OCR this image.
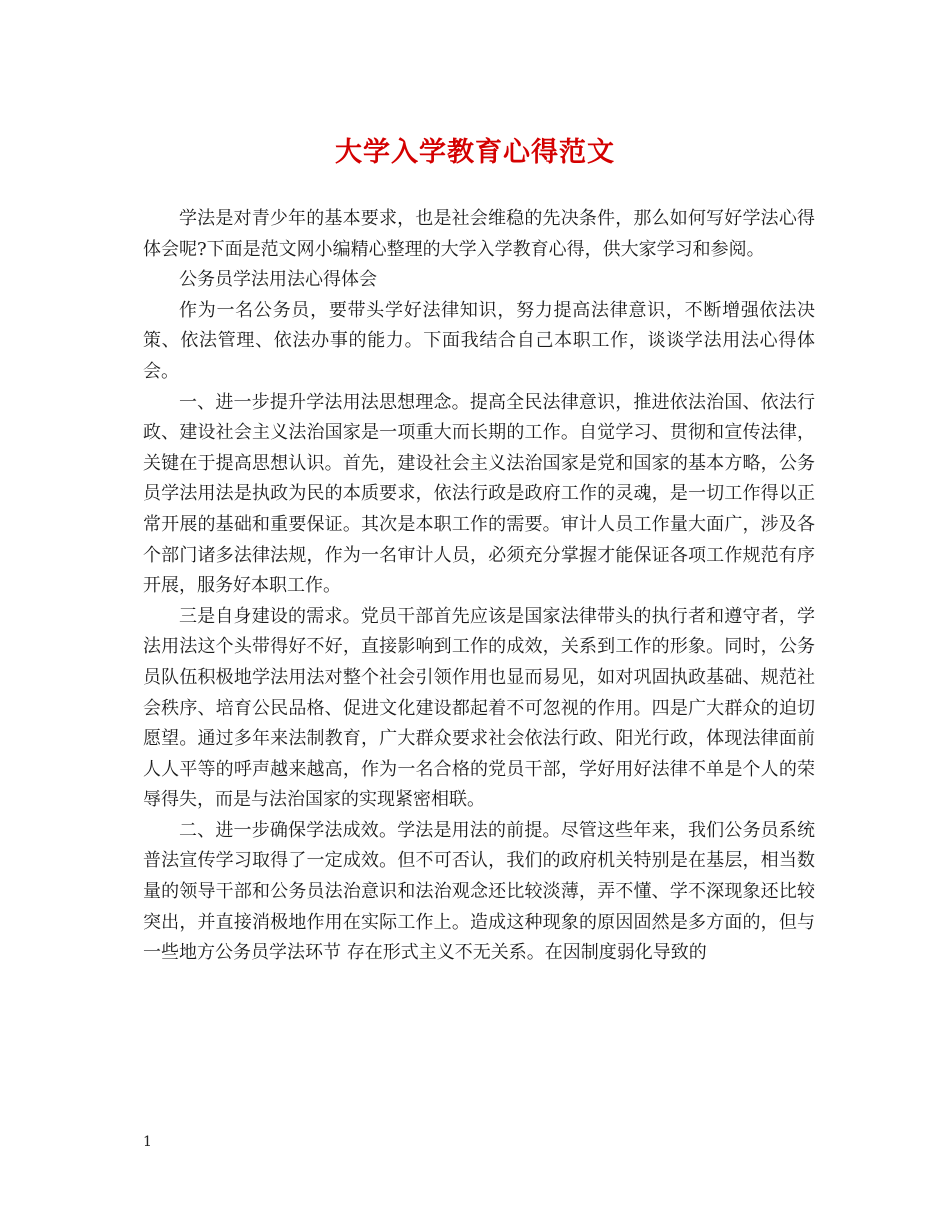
大学入学教育心得范文

学法是对青少年的基本要求，也是社会维稳的先决条件，那么如何写好学法心得体会呢?下面是范文网小编精心整理的大学入学教育心得，供大家学习和参阅。

公务员学法用法心得体会

作为一名公务员，要带头学好法律知识，努力提高法律意识，不断增强依法决策、依法管理、依法办事的能力。下面我结合自己本职工作，谈谈学法用法心得体会。

一、进一步提升学法用法思想理念。提高全民法律意识，推进依法治国、依法行政、建设社会主义法治国家是一项重大而长期的工作。自觉学习、贯彻和宣传法律，关键在于提高思想认识。首先，建设社会主义法治国家是党和国家的基本方略，公务员学法用法是执政为民的本质要求，依法行政是政府工作的灵魂，是一切工作得以正常开展的基础和重要保证。其次是本职工作的需要。审计人员工作量大面广，涉及各个部门诸多法律法规，作为一名审计人员，必须充分掌握才能保证各项工作规范有序开展，服务好本职工作。

三是自身建设的需求。党员干部首先应该是国家法律带头的执行者和遵守者，学法用法这个头带得好不好，直接影响到工作的成效，关系到工作的形象。同时，公务员队伍积极地学法用法对整个社会引领作用也显而易见，如对巩固执政基础、规范社会秩序、培育公民品格、促进文化建设都起着不可忽视的作用。四是广大群众的迫切愿望。通过多年来法制教育，广大群众要求社会依法行政、阳光行政，体现法律面前人人平等的呼声越来越高，作为一名合格的党员干部，学好用好法律不单是个人的荣辱得失，而是与法治国家的实现紧密相联。

二、进一步确保学法成效。学法是用法的前提。尽管这些年来，我们公务员系统普法宣传学习取得了一定成效。但不可否认，我们的政府机关特别是在基层，相当数量的领导干部和公务员法治意识和法治观念还比较淡薄，弄不懂、学不深现象还比较突出，并直接消极地作用在实际工作上。造成这种现象的原因固然是多方面的，但与一些地方公务员学法环节 存在形式主义不无关系。在因制度弱化导致的

1
